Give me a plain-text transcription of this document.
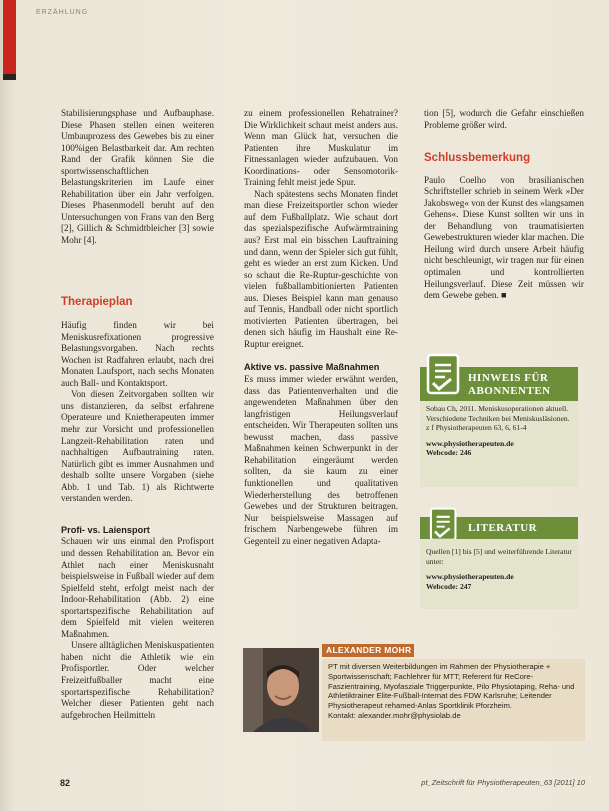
ERZÄHLUNG

Stabilisierungsphase und Aufbauphase. Diese Phasen stellen einen weiteren Umbauprozess des Gewebes bis zu einer 100%igen Belastbarkeit dar. Am rechten Rand der Grafik können Sie die sportwissenschaftlichen Belastungskriterien im Laufe einer Rehabilitation über ein Jahr verfolgen. Dieses Phasenmodell beruht auf den Untersuchungen von Frans van den Berg [2], Gillich & Schmidtbleicher [3] sowie Mohr [4].

Therapieplan

Häufig finden wir bei Meniskusrefixationen progressive Belastungsvorgaben. Nach rechts Wochen ist Radfahren erlaubt, nach drei Monaten Laufsport, nach sechs Monaten auch Ball- und Kontaktsport.

Von diesen Zeitvorgaben sollten wir uns distanzieren, da selbst erfahrene Operateure und Knietherapeuten immer mehr zur Vorsicht und professionellen Langzeit-Rehabilitation raten und nachhaltigen Aufbautraining raten. Natürlich gibt es immer Ausnahmen und deshalb sollte unsere Vorgaben (siehe Abb. 1 und Tab. 1) als Richtwerte verstanden werden.

Profi- vs. Laiensport

Schauen wir uns einmal den Profisport und dessen Rehabilitation an. Bevor ein Athlet nach einer Meniskusnaht beispielsweise in Fußball wieder auf dem Spielfeld steht, erfolgt meist nach der Indoor-Rehabilitation (Abb. 2) eine sportartspezifische Rehabilitation auf dem Spielfeld mit vielen weiteren Maßnahmen.

Unsere alltäglichen Meniskuspatienten haben nicht die Athletik wie ein Profisportler. Oder welcher Freizeitfußballer macht eine sportartspezifische Rehabilitation? Welcher dieser Patienten geht nach aufgebrochen Heilmitteln

zu einem professionellen Rehatrainer? Die Wirklichkeit schaut meist anders aus. Wenn man Glück hat, versuchen die Patienten ihre Muskulatur im Fitnessanlagen wieder aufzubauen. Von Koordinations- oder Sensomotorik-Training fehlt meist jede Spur.

Nach spätestens sechs Monaten findet man diese Freizeitsportler schon wieder auf dem Fußballplatz. Wie schaut dort das spezialspezifische Aufwärmtraining aus? Erst mal ein bisschen Lauftraining und dann, wenn der Spieler sich gut fühlt, geht es wieder an erst zum Kicken. Und so schaut die Re-Ruptur-geschichte von vielen fußballambitionierten Patienten aus. Dieses Beispiel kann man genauso auf Tennis, Handball oder nicht sportlich motivierten Patienten übertragen, bei denen sich häufig im Haushalt eine Re-Ruptur ereignet.

Aktive vs. passive Maßnahmen

Es muss immer wieder erwähnt werden, dass das Patientenverhalten und die angewendeten Maßnahmen über den langfristigen Heilungsverlauf entscheiden. Wir Therapeuten sollten uns bewusst machen, dass passive Maßnahmen keinen Schwerpunkt in der Rehabilitation eingeräumt werden sollten, da sie kaum zu einer funktionellen und qualitativen Wiederherstellung des betroffenen Gewebes und der Strukturen beitragen. Nur beispielsweise Massagen auf frischem Narbengewebe führen im Gegenteil zu einer negativen Adapta-

tion [5], wodurch die Gefahr einschießen Probleme größer wird.

Schlussbemerkung

Paulo Coelho von brasilianischen Schriftsteller schrieb in seinem Werk »Der Jakobsweg« von der Kunst des »langsamen Gehens«. Diese Kunst sollten wir uns in der Behandlung von traumatisierten Gewebestrukturen wieder klar machen. Die Heilung wird durch unsere Arbeit häufig nicht beschleunigt, wir tragen nur für einen optimalen und kontrollierten Heilungsverlauf. Diese Zeit müssen wir dem Gewebe geben. ■

HINWEIS FÜR
ABONNENTEN
Sobau Ch, 2011. Meniskusoperationen aktuell. Verschiedene Techniken bei Meniskusläsionen. z f Physiotherapeuten 63, 6, 61-4
www.physiotherapeuten.de
Webcode: 246
LITERATUR
Quellen [1] bis [5] und weiterführende Literatur unter:
www.physiotherapeuten.de
Webcode: 247
ALEXANDER MOHR
PT mit diversen Weiterbildungen im Rahmen der Physiotherapie + Sportwissenschaft; Fachlehrer für MTT; Referent für ReCore-Faszientraining, Myofasziale Triggerpunkte, Pilo Physiotaping, Reha- und Athletiktrainer Elite-Fußball-Internat des FDW Karlsruhe; Leitender Physiotherapeut rehamed-Anlas Sportklinik Pforzheim.
Kontakt: alexander.mohr@physiolab.de
82	pt_Zeitschrift für Physiotherapeuten_63 [2011] 10
